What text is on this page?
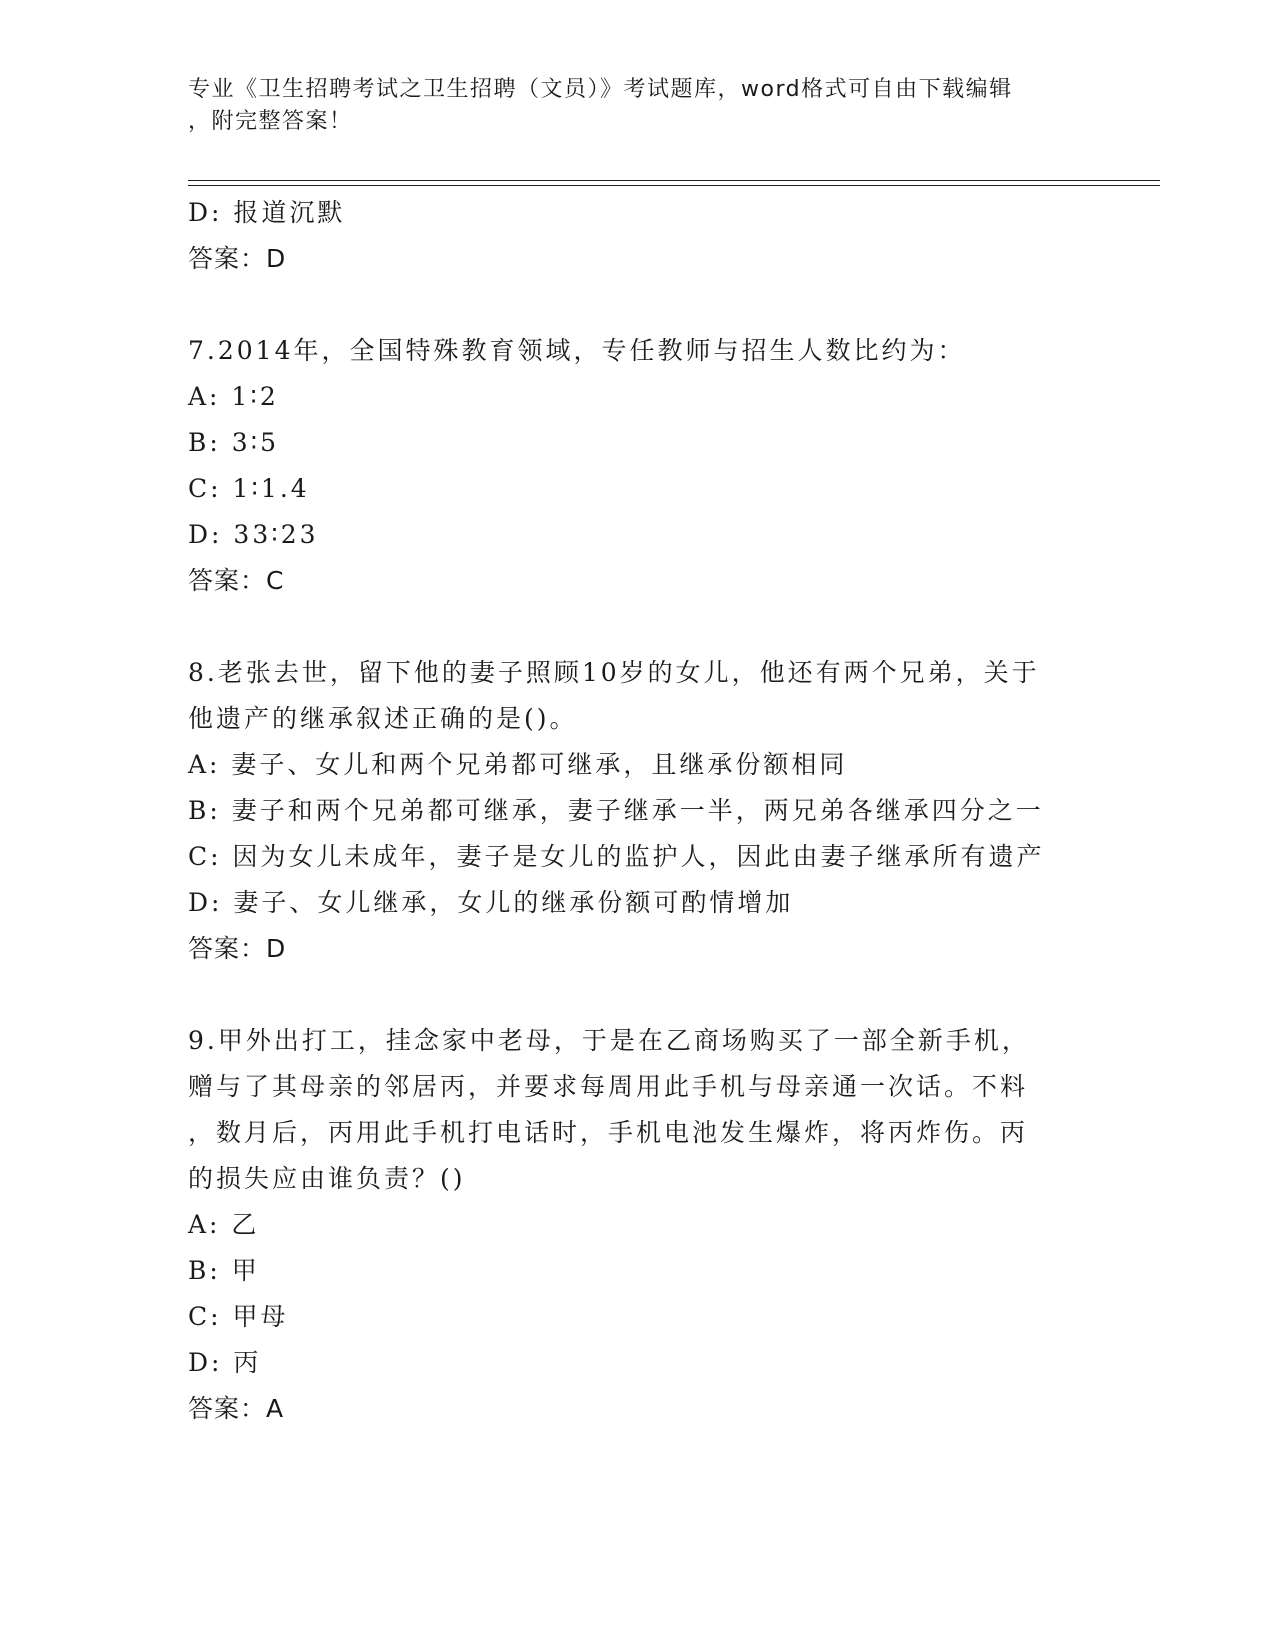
专业《卫生招聘考试之卫生招聘（文员）》考试题库，word格式可自由下载编辑
，附完整答案！
D: 报道沉默
答案：D
7.2014年，全国特殊教育领域，专任教师与招生人数比约为：
A: 1∶2
B: 3∶5
C: 1∶1.4
D: 33∶23
答案：C
8.老张去世，留下他的妻子照顾10岁的女儿，他还有两个兄弟，关于
他遗产的继承叙述正确的是()。
A: 妻子、女儿和两个兄弟都可继承，且继承份额相同
B: 妻子和两个兄弟都可继承，妻子继承一半，两兄弟各继承四分之一
C: 因为女儿未成年，妻子是女儿的监护人，因此由妻子继承所有遗产
D: 妻子、女儿继承，女儿的继承份额可酌情增加
答案：D
9.甲外出打工，挂念家中老母，于是在乙商场购买了一部全新手机，
赠与了其母亲的邻居丙，并要求每周用此手机与母亲通一次话。不料
，数月后，丙用此手机打电话时，手机电池发生爆炸，将丙炸伤。丙
的损失应由谁负责？()
A: 乙
B: 甲
C: 甲母
D: 丙
答案：A
